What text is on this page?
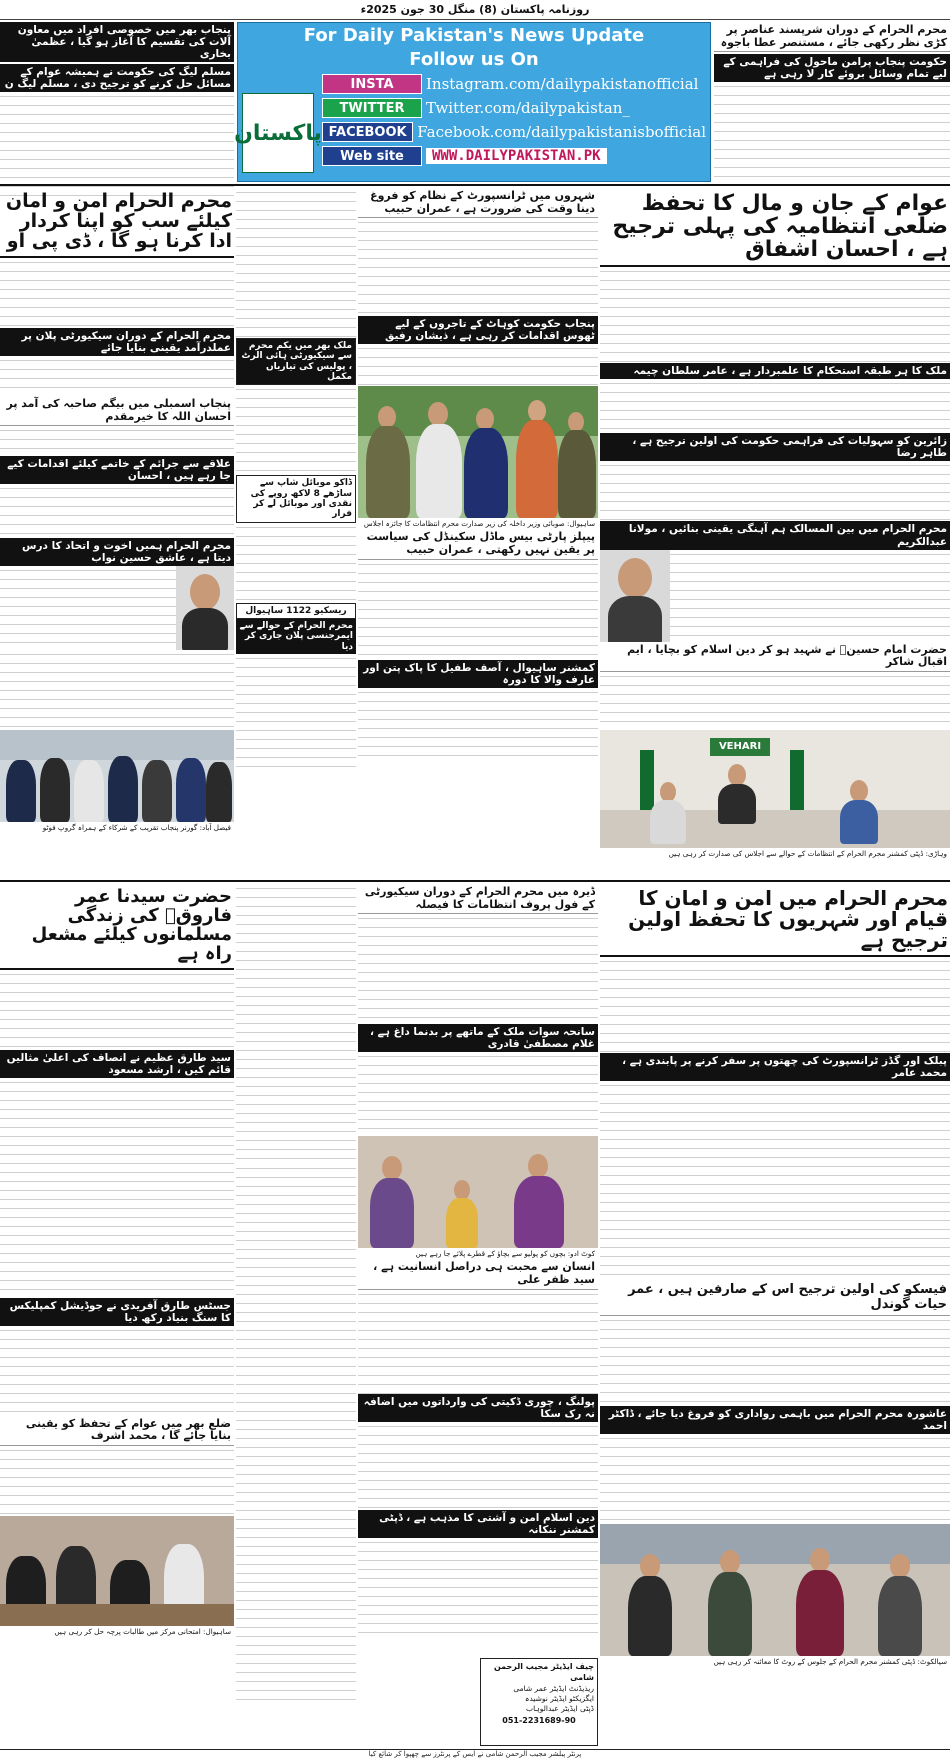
روزنامہ پاکستان (8) منگل 30 جون 2025ء
For Daily Pakistan's News Update
Follow us On
INSTA	Instagram.com/dailypakistanofficial
TWITTER	Twitter.com/dailypakistan_
FACEBOOK Facebook.com/dailypakistanisbofficial
Web site	WWW.DAILYPAKISTAN.PK
پاکستان
پنجاب بھر میں خصوصی افراد میں معاون آلات کی تقسیم کا آغاز ہو گیا ، عظمیٰ بخاری
مسلم لیگ کی حکومت نے ہمیشہ عوام کے مسائل حل کرنے کو ترجیح دی ، مسلم لیگ ن
محرم الحرام کے دوران شرپسند عناصر پر کڑی نظر رکھی جائے ، مستنصر عطا باجوہ
حکومت پنجاب پرامن ماحول کی فراہمی کے لیے تمام وسائل بروئے کار لا رہی ہے
عوام کے جان و مال کا تحفظ ضلعی انتظامیہ کی پہلی ترجیح ہے ، احسان اشفاق
ملک کا ہر طبقہ استحکام کا علمبردار ہے ، عامر سلطان چیمہ
زائرین کو سہولیات کی فراہمی حکومت کی اولین ترجیح ہے ، طاہر رضا
محرم الحرام میں بین المسالک ہم آہنگی یقینی بنائیں ، مولانا عبدالکریم
حضرت امام حسینؓ نے شہید ہو کر دین اسلام کو بچایا ، ایم اقبال شاکر
VEHARI
وہاڑی: ڈپٹی کمشنر محرم الحرام کے انتظامات کے حوالے سے اجلاس کی صدارت کر رہی ہیں
شہروں میں ٹرانسپورٹ کے نظام کو فروغ دینا وقت کی ضرورت ہے ، عمران حبیب
پنجاب حکومت کوہاٹ کے تاجروں کے لیے ٹھوس اقدامات کر رہی ہے ، ذیشان رفیق
ساہیوال: صوبائی وزیر داخلہ کی زیر صدارت محرم انتظامات کا جائزہ اجلاس
پیپلز پارٹی بیس ماڈل سکینڈل کی سیاست پر یقین نہیں رکھتی ، عمران حبیب
کمشنر ساہیوال ، آصف طفیل کا پاک پتن اور عارف والا کا دورہ
ملک بھر میں یکم محرم سے سیکیورٹی ہائی الرٹ ، پولیس کی تیاریاں مکمل
ڈاکو موبائل شاپ سے ساڑھے 8 لاکھ روپے کی نقدی اور موبائل لے کر فرار
ریسکیو 1122 ساہیوال
محرم الحرام کے حوالے سے ایمرجنسی پلان جاری کر دیا
محرم الحرام امن و امان کیلئے سب کو اپنا کردار ادا کرنا ہو گا ، ڈی پی او
محرم الحرام کے دوران سیکیورٹی پلان پر عملدرآمد یقینی بنایا جائے
پنجاب اسمبلی میں بیگم صاحبہ کی آمد پر احسان اللہ کا خیرمقدم
علاقے سے جرائم کے خاتمے کیلئے اقدامات کیے جا رہے ہیں ، احسان
محرم الحرام ہمیں اخوت و اتحاد کا درس دیتا ہے ، عاشق حسین نواب
فیصل آباد: گورنر پنجاب تقریب کے شرکاء کے ہمراہ گروپ فوٹو
محرم الحرام میں امن و امان کا قیام اور شہریوں کا تحفظ اولین ترجیح ہے
پبلک اور گڈز ٹرانسپورٹ کی چھتوں پر سفر کرنے پر پابندی ہے ، محمد عامر
فیسکو کی اولین ترجیح اس کے صارفین ہیں ، عمر حیات گوندل
عاشورہ محرم الحرام میں باہمی رواداری کو فروغ دیا جائے ، ڈاکٹر احمد
سیالکوٹ: ڈپٹی کمشنر محرم الحرام کے جلوس کے روٹ کا معائنہ کر رہی ہیں
ڈیرہ میں محرم الحرام کے دوران سیکیورٹی کے فول پروف انتظامات کا فیصلہ
سانحہ سوات ملک کے ماتھے پر بدنما داغ ہے ، غلام مصطفیٰ قادری
کوٹ ادو: بچوں کو پولیو سے بچاؤ کے قطرے پلائے جا رہے ہیں
انسان سے محبت ہی دراصل انسانیت ہے ، سید ظفر علی
پولنگ ، چوری ڈکیتی کی وارداتوں میں اضافہ نہ رک سکا
دین اسلام امن و آشتی کا مذہب ہے ، ڈپٹی کمشنر ننکانہ
حضرت سیدنا عمر فاروقؓ کی زندگی مسلمانوں کیلئے مشعل راہ ہے
سید طارق عظیم نے انصاف کی اعلیٰ مثالیں قائم کیں ، ارشد مسعود
جسٹس طارق آفریدی نے جوڈیشل کمپلیکس کا سنگ بنیاد رکھ دیا
ضلع بھر میں عوام کے تحفظ کو یقینی بنایا جائے گا ، محمد اشرف
ساہیوال: امتحانی مرکز میں طالبات پرچہ حل کر رہی ہیں
چیف ایڈیٹر مجیب الرحمن شامی
ریذیڈنٹ ایڈیٹر عمر شامی
ایگزیکٹو ایڈیٹر نوشیدہ
ڈپٹی ایڈیٹر عبدالوہاب
051-2231689-90
پرنٹر پبلشر مجیب الرحمن شامی نے ایس کے پرنٹرز سے چھپوا کر شائع کیا
